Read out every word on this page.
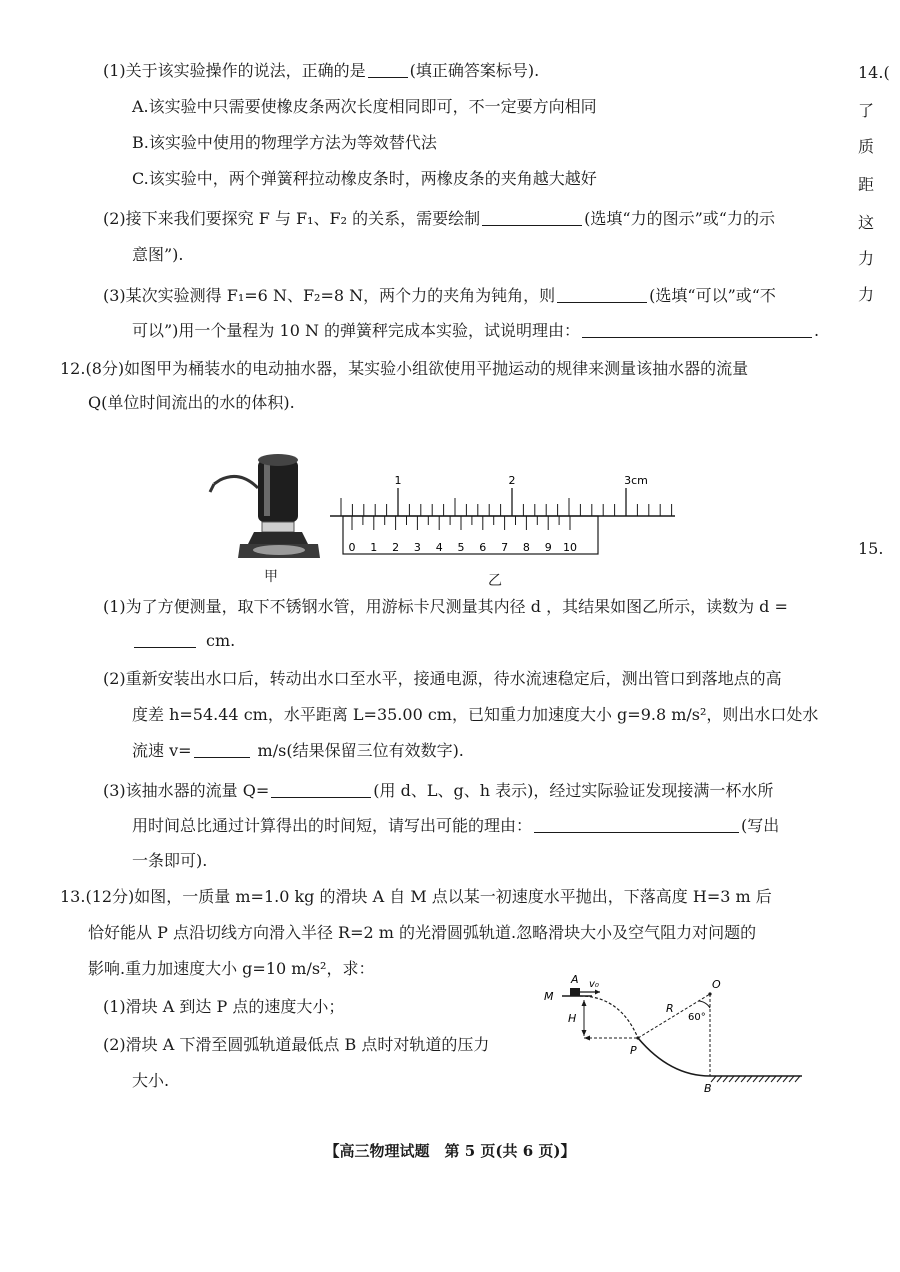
(1)关于该实验操作的说法，正确的是	(填正确答案标号).
A.该实验中只需要使橡皮条两次长度相同即可，不一定要方向相同
B.该实验中使用的物理学方法为等效替代法
C.该实验中，两个弹簧秤拉动橡皮条时，两橡皮条的夹角越大越好
(2)接下来我们要探究 F 与 F₁、F₂ 的关系，需要绘制	(选填“力的图示”或“力的示
意图”).
(3)某次实验测得 F₁=6 N、F₂=8 N，两个力的夹角为钝角，则	(选填“可以”或“不
可以”)用一个量程为 10 N 的弹簧秤完成本实验，试说明理由：	.
12.(8分)如图甲为桶装水的电动抽水器，某实验小组欲使用平抛运动的规律来测量该抽水器的流量
Q(单位时间流出的水的体积).
1	2	3cm
0 1 2 3 4 5 6 7 8 9 10
甲	乙
(1)为了方便测量，取下不锈钢水管，用游标卡尺测量其内径 d ，其结果如图乙所示，读数为 d =
cm.
(2)重新安装出水口后，转动出水口至水平，接通电源，待水流速稳定后，测出管口到落地点的高
度差 h=54.44 cm，水平距离 L=35.00 cm，已知重力加速度大小 g=9.8 m/s²，则出水口处水
流速 v=	m/s(结果保留三位有效数字).
(3)该抽水器的流量 Q=	(用 d、L、g、h 表示)，经过实际验证发现接满一杯水所
用时间总比通过计算得出的时间短，请写出可能的理由：	(写出
一条即可).
13.(12分)如图，一质量 m=1.0 kg 的滑块 A 自 M 点以某一初速度水平抛出，下落高度 H=3 m 后
恰好能从 P 点沿切线方向滑入半径 R=2 m 的光滑圆弧轨道.忽略滑块大小及空气阻力对问题的
影响.重力加速度大小 g=10 m/s²，求：
(1)滑块 A 到达 P 点的速度大小；
(2)滑块 A 下滑至圆弧轨道最低点 B 点时对轨道的压力
大小.
A v₀
M
H
P
R
O
60°
B
14.(
了
质
距
这
力
力
15.
【高三物理试题　第 5 页(共 6 页)】
